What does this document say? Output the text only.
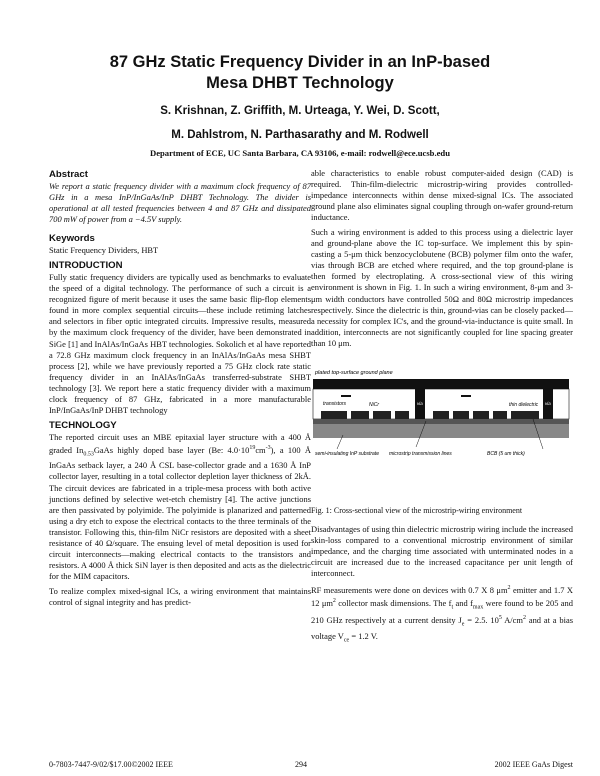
87 GHz Static Frequency Divider in an InP-based
Mesa DHBT Technology
S. Krishnan, Z. Griffith, M. Urteaga, Y. Wei, D. Scott,
M. Dahlstrom, N. Parthasarathy and M. Rodwell
Department of ECE, UC Santa Barbara, CA 93106, e-mail: rodwell@ece.ucsb.edu
Abstract

We report a static frequency divider with a maximum clock frequency of 87 GHz in a mesa InP/InGaAs/InP DHBT Technology. The divider is operational at all tested frequencies between 4 and 87 GHz and dissipated 700 mW of power from a −4.5V supply.

Keywords

Static Frequency Dividers, HBT

INTRODUCTION

Fully static frequency dividers are typically used as benchmarks to evaluate the speed of a digital technology. The performance of such a circuit is a recognized figure of merit because it uses the same basic flip-flop elements found in more complex sequential circuits—these include retiming latches and selectors in fiber optic integrated circuits. Impressive results, measured by the maximum clock frequency of the divider, have been demonstrated in SiGe [1] and InAlAs/InGaAs HBT technologies. Sokolich et al have reported a 72.8 GHz maximum clock frequency in an InAlAs/InGaAs mesa SHBT process [2], while we have previously reported a 75 GHz clock rate static frequency divider in an InAlAs/InGaAs transferred-substrate SHBT technology [3]. We report here a static frequency divider with a maximum clock frequency of 87 GHz, fabricated in a more manufacturable InP/InGaAs/InP DHBT technology

TECHNOLOGY

The reported circuit uses an MBE epitaxial layer structure with a 400 Å graded $In_{0.53}GaAs$ highly doped base layer (Be: $4.0\cdot 10^{19}cm^{-3}$), a 100 Å InGaAs setback layer, a 240 Å CSL base-collector grade and a 1630 Å InP collector layer, resulting in a total collector depletion layer thickness of 2kÅ. The circuit devices are fabricated in a triple-mesa process with both active junctions defined by selective wet-etch chemistry [4]. The active junctions are then passivated by polyimide. The polyimide is planarized and patterned using a dry etch to expose the electrical contacts to the three terminals of the transistor. Following this, thin-film NiCr resistors are deposited with a sheet resistance of 40 Ω/square. The ensuing level of metal deposition is used for circuit interconnects—making electrical contacts to the transistors and resistors. A 4000 Å thick SiN layer is then deposited and acts as the dielectric for the MIM capacitors.

To realize complex mixed-signal ICs, a wiring environment that maintains control of signal integrity and has predict-

able characteristics to enable robust computer-aided design (CAD) is required. Thin-film-dielectric microstrip-wiring provides controlled-impedance interconnects within dense mixed-signal ICs. The associated ground plane also eliminates signal coupling through on-wafer ground-return inductance.

Such a wiring environment is added to this process using a dielectric layer and ground-plane above the IC top-surface. We implement this by spin-casting a 5-μm thick benzocyclobutene (BCB) polymer film onto the wafer, vias through BCB are etched where required, and the top ground-plane is then formed by electroplating. A cross-sectional view of this wiring environment is shown in Fig. 1. In such a wiring environment, 8-μm and 3-μm width conductors have controlled 50Ω and 80Ω microstrip impedances respectively. Since the dielectric is thin, ground-vias can be closely packed—a necessity for complex IC's, and the ground-via-inductance is quite small. In addition, interconnects are not significantly coupled for line spacing greater than 10 μm.

plated top-surface ground plane
transistors	via	via
thin dielectric
NiCr
semi-insulating InP substrate microstrip transmission lines	BCB (5 um thick)

Fig. 1: Cross-sectional view of the microstrip-wiring environment

Disadvantages of using thin dielectric microstrip wiring include the increased skin-loss compared to a conventional microstrip environment of similar impedance, and the charging time associated with unterminated nodes in a circuit are increased due to the increased capacitance per unit length of interconnect.

RF measurements were done on devices with 0.7 X 8 $\mu m^2$ emitter and 1.7 X 12 $\mu m^2$ collector mask dimensions. The $f_t$ and $f_{max}$ were found to be 205 and 210 GHz respectively at a current density $J_e = 2.5$. $10^5$ $A/cm^2$ and at a bias voltage $V_{ce} = 1.2$ V.

0-7803-7447-9/02/$17.00©2002 IEEE	294	2002 IEEE GaAs Digest
